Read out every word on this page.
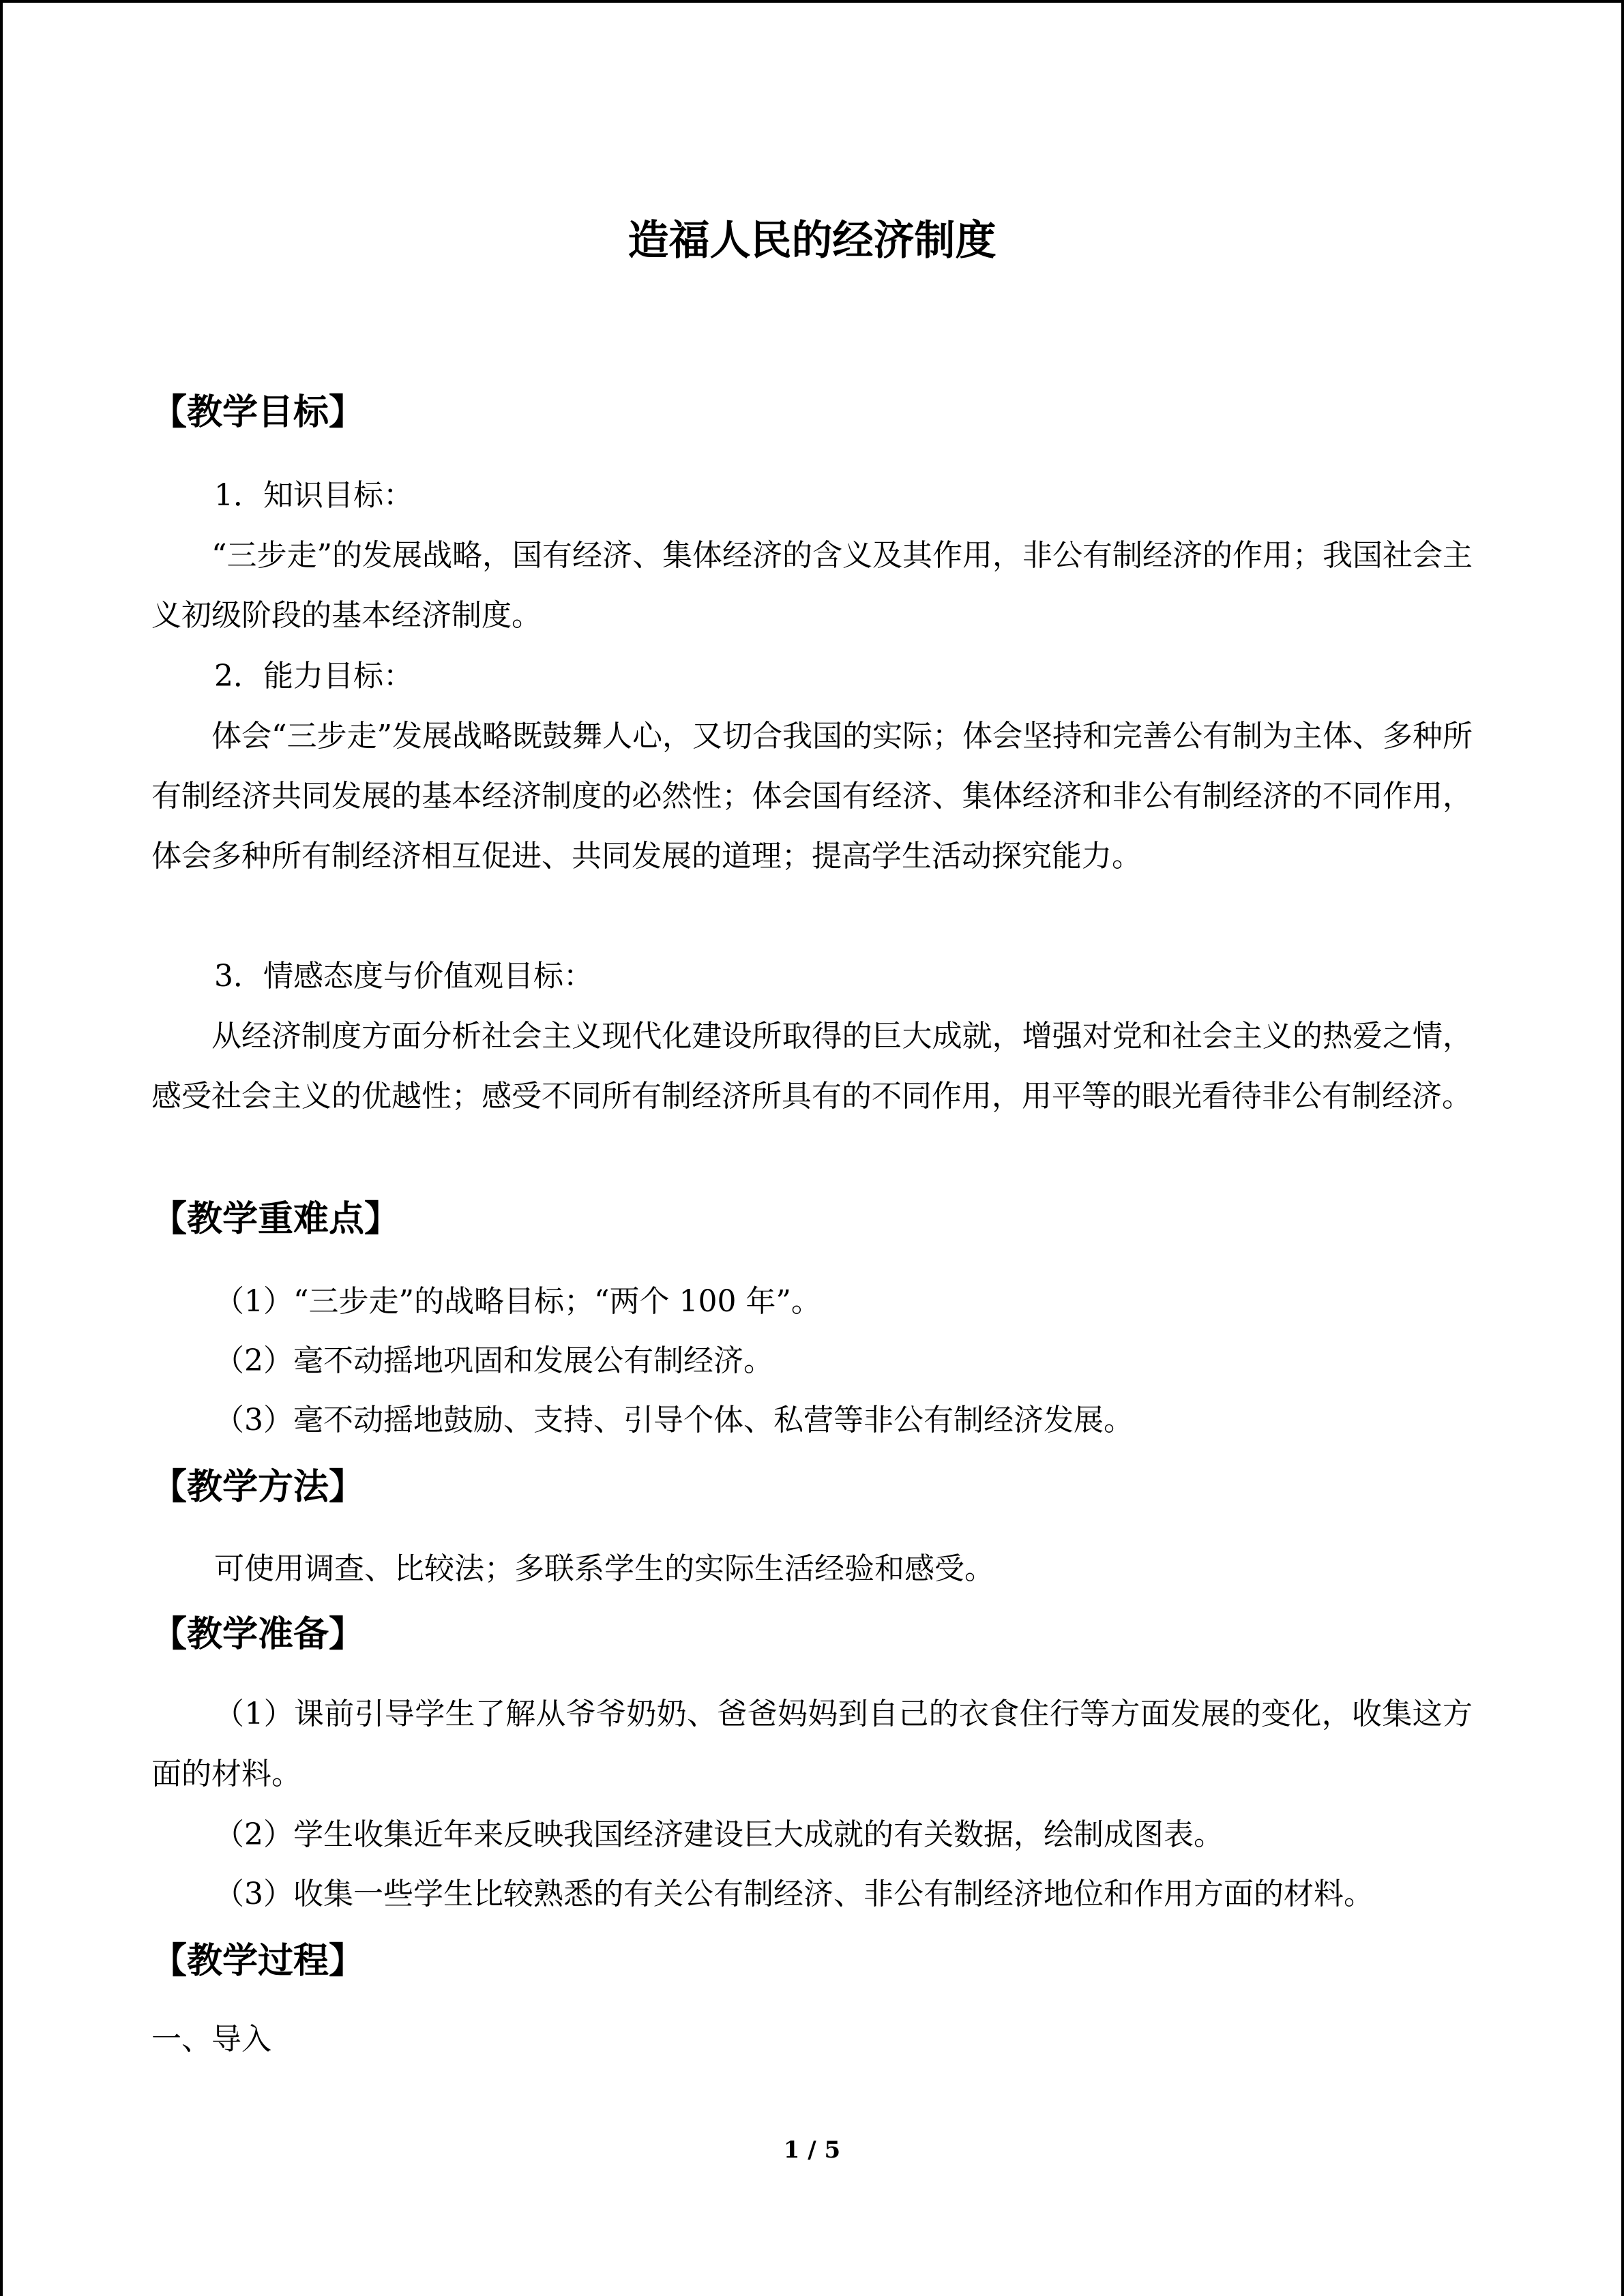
造福人民的经济制度
【教学目标】
1．知识目标：
“三步走”的发展战略，国有经济、集体经济的含义及其作用，非公有制经济的作用；我国社会主义初级阶段的基本经济制度。
2．能力目标：
体会“三步走”发展战略既鼓舞人心，又切合我国的实际；体会坚持和完善公有制为主体、多种所有制经济共同发展的基本经济制度的必然性；体会国有经济、集体经济和非公有制经济的不同作用，体会多种所有制经济相互促进、共同发展的道理；提高学生活动探究能力。
3．情感态度与价值观目标：
从经济制度方面分析社会主义现代化建设所取得的巨大成就，增强对党和社会主义的热爱之情，感受社会主义的优越性；感受不同所有制经济所具有的不同作用，用平等的眼光看待非公有制经济。
【教学重难点】
（1）“三步走”的战略目标；“两个 100 年”。
（2）毫不动摇地巩固和发展公有制经济。
（3）毫不动摇地鼓励、支持、引导个体、私营等非公有制经济发展。
【教学方法】
可使用调查、比较法；多联系学生的实际生活经验和感受。
【教学准备】
（1）课前引导学生了解从爷爷奶奶、爸爸妈妈到自己的衣食住行等方面发展的变化，收集这方面的材料。
（2）学生收集近年来反映我国经济建设巨大成就的有关数据，绘制成图表。
（3）收集一些学生比较熟悉的有关公有制经济、非公有制经济地位和作用方面的材料。
【教学过程】
一、导入
1 / 5
